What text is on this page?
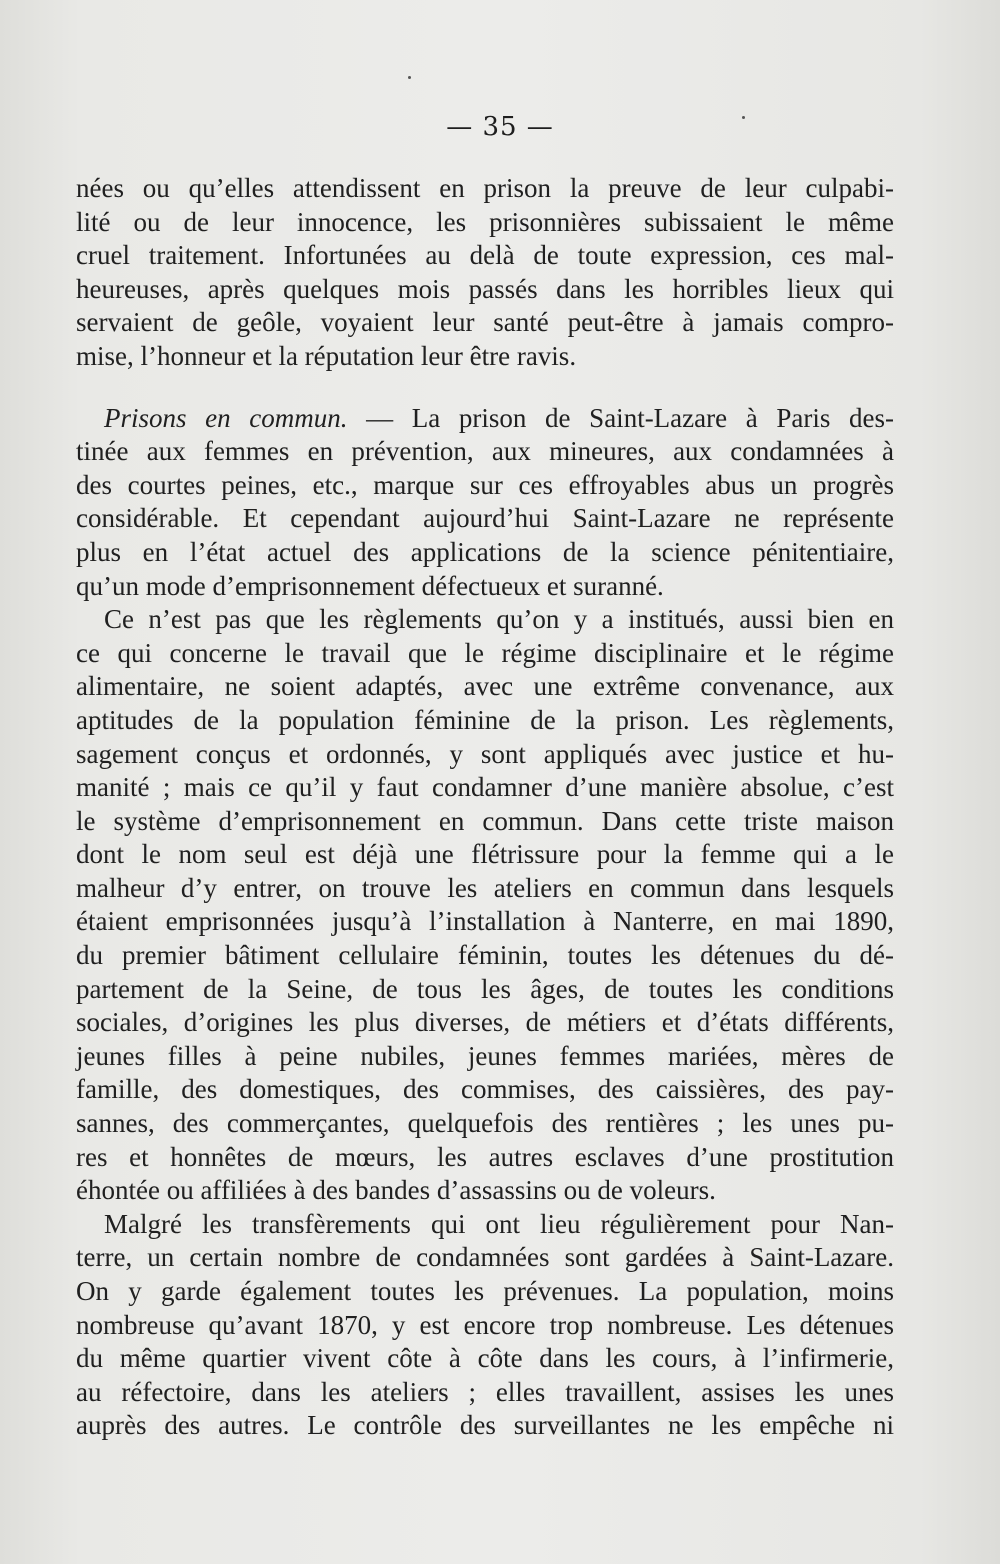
— 35 —
nées ou qu’elles attendissent en prison la preuve de leur culpabi-
lité ou de leur innocence, les prisonnières subissaient le même
cruel traitement. Infortunées au delà de toute expression, ces mal-
heureuses, après quelques mois passés dans les horribles lieux qui
servaient de geôle, voyaient leur santé peut-être à jamais compro-
mise, l’honneur et la réputation leur être ravis.
Prisons en commun. — La prison de Saint-Lazare à Paris des-
tinée aux femmes en prévention, aux mineures, aux condamnées à
des courtes peines, etc., marque sur ces effroyables abus un progrès
considérable. Et cependant aujourd’hui Saint-Lazare ne représente
plus en l’état actuel des applications de la science pénitentiaire,
qu’un mode d’emprisonnement défectueux et suranné.
Ce n’est pas que les règlements qu’on y a institués, aussi bien en
ce qui concerne le travail que le régime disciplinaire et le régime
alimentaire, ne soient adaptés, avec une extrême convenance, aux
aptitudes de la population féminine de la prison. Les règlements,
sagement conçus et ordonnés, y sont appliqués avec justice et hu-
manité ; mais ce qu’il y faut condamner d’une manière absolue, c’est
le système d’emprisonnement en commun. Dans cette triste maison
dont le nom seul est déjà une flétrissure pour la femme qui a le
malheur d’y entrer, on trouve les ateliers en commun dans lesquels
étaient emprisonnées jusqu’à l’installation à Nanterre, en mai 1890,
du premier bâtiment cellulaire féminin, toutes les détenues du dé-
partement de la Seine, de tous les âges, de toutes les conditions
sociales, d’origines les plus diverses, de métiers et d’états différents,
jeunes filles à peine nubiles, jeunes femmes mariées, mères de
famille, des domestiques, des commises, des caissières, des pay-
sannes, des commerçantes, quelquefois des rentières ; les unes pu-
res et honnêtes de mœurs, les autres esclaves d’une prostitution
éhontée ou affiliées à des bandes d’assassins ou de voleurs.
Malgré les transfèrements qui ont lieu régulièrement pour Nan-
terre, un certain nombre de condamnées sont gardées à Saint-Lazare.
On y garde également toutes les prévenues. La population, moins
nombreuse qu’avant 1870, y est encore trop nombreuse. Les détenues
du même quartier vivent côte à côte dans les cours, à l’infirmerie,
au réfectoire, dans les ateliers ; elles travaillent, assises les unes
auprès des autres. Le contrôle des surveillantes ne les empêche ni
